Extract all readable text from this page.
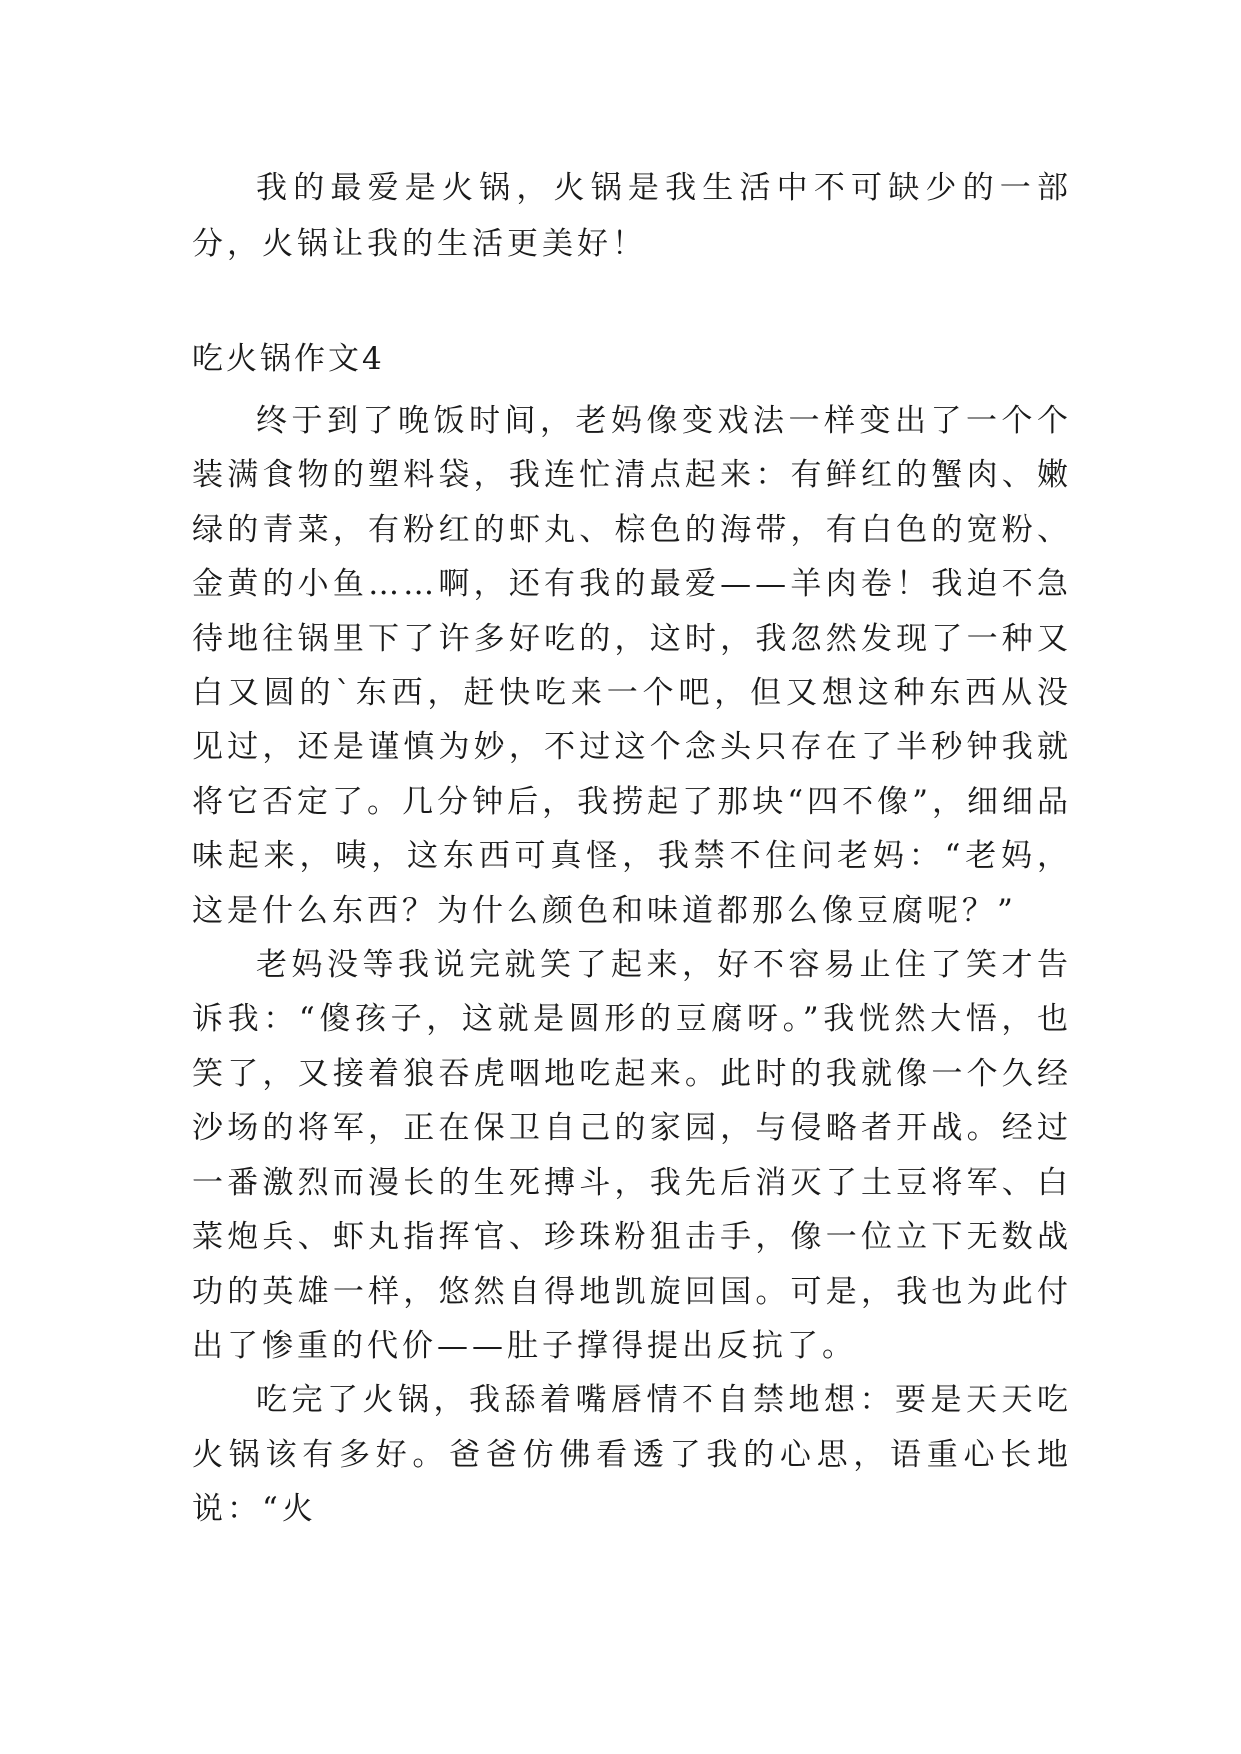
我的最爱是火锅，火锅是我生活中不可缺少的一部分，火锅让我的生活更美好！

吃火锅作文4

终于到了晚饭时间，老妈像变戏法一样变出了一个个装满食物的塑料袋，我连忙清点起来：有鲜红的蟹肉、嫩绿的青菜，有粉红的虾丸、棕色的海带，有白色的宽粉、金黄的小鱼……啊，还有我的最爱——羊肉卷！我迫不急待地往锅里下了许多好吃的，这时，我忽然发现了一种又白又圆的`东西，赶快吃来一个吧，但又想这种东西从没见过，还是谨慎为妙，不过这个念头只存在了半秒钟我就将它否定了。几分钟后，我捞起了那块“四不像”，细细品味起来，咦，这东西可真怪，我禁不住问老妈：“老妈，这是什么东西？为什么颜色和味道都那么像豆腐呢？”

老妈没等我说完就笑了起来，好不容易止住了笑才告诉我：“傻孩子，这就是圆形的豆腐呀。”我恍然大悟，也笑了，又接着狼吞虎咽地吃起来。此时的我就像一个久经沙场的将军，正在保卫自己的家园，与侵略者开战。经过一番激烈而漫长的生死搏斗，我先后消灭了土豆将军、白菜炮兵、虾丸指挥官、珍珠粉狙击手，像一位立下无数战功的英雄一样，悠然自得地凯旋回国。可是，我也为此付出了惨重的代价——肚子撑得提出反抗了。

吃完了火锅，我舔着嘴唇情不自禁地想：要是天天吃火锅该有多好。爸爸仿佛看透了我的心思，语重心长地说：“火
